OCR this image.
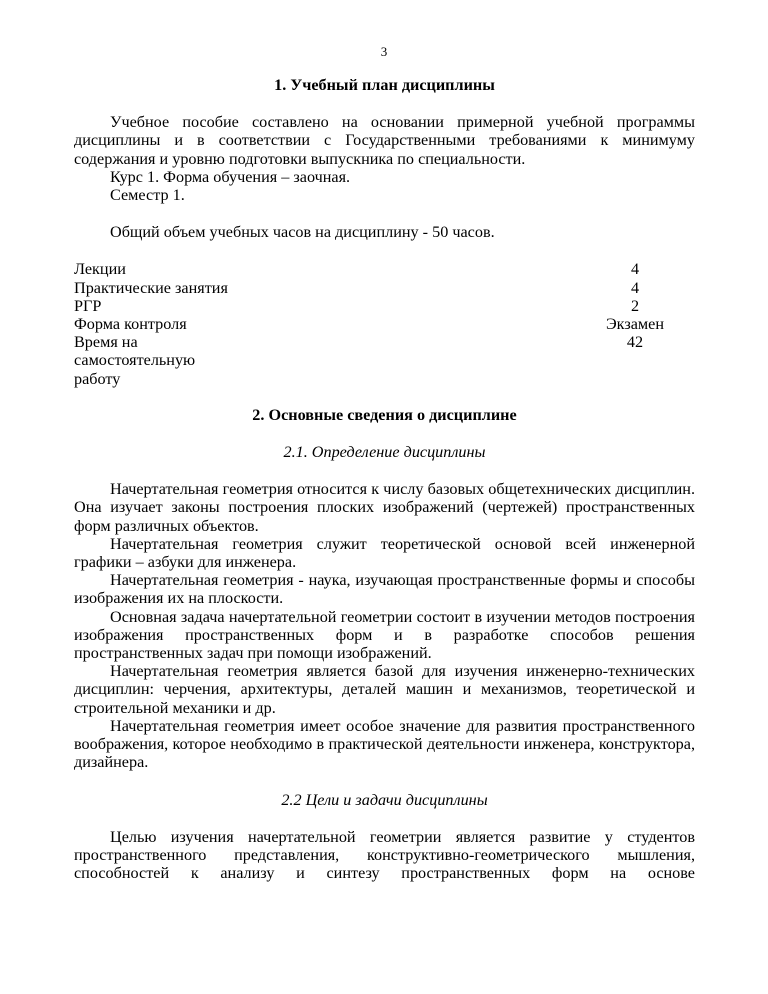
3

1. Учебный план дисциплины

Учебное пособие составлено на основании примерной учебной программы дисциплины и в соответствии с Государственными требованиями к минимуму содержания и уровню подготовки выпускника по специальности.

Курс 1. Форма обучения – заочная.

Семестр 1.

Общий объем учебных часов на дисциплину - 50 часов.

Лекции	4
Практические занятия	4
РГР	2
Форма контроля	Экзамен
Время на самостоятельную работу	42

2. Основные сведения о дисциплине

2.1. Определение дисциплины

Начертательная геометрия относится к числу базовых общетехнических дисциплин. Она изучает законы построения плоских изображений (чертежей) пространственных форм различных объектов.

Начертательная геометрия служит теоретической основой всей инженерной графики – азбуки для инженера.

Начертательная геометрия - наука, изучающая пространственные формы и способы изображения их на плоскости.

Основная задача начертательной геометрии состоит в изучении методов построения изображения пространственных форм и в разработке способов решения пространственных задач при помощи изображений.

Начертательная геометрия является базой для изучения инженерно-технических дисциплин: черчения, архитектуры, деталей машин и механизмов, теоретической и строительной механики и др.

Начертательная геометрия имеет особое значение для развития пространственного воображения, которое необходимо в практической деятельности инженера, конструктора, дизайнера.

2.2 Цели и задачи дисциплины

Целью изучения начертательной геометрии является развитие у студентов пространственного представления, конструктивно-геометрического мышления, способностей к анализу и синтезу пространственных форм на основе
